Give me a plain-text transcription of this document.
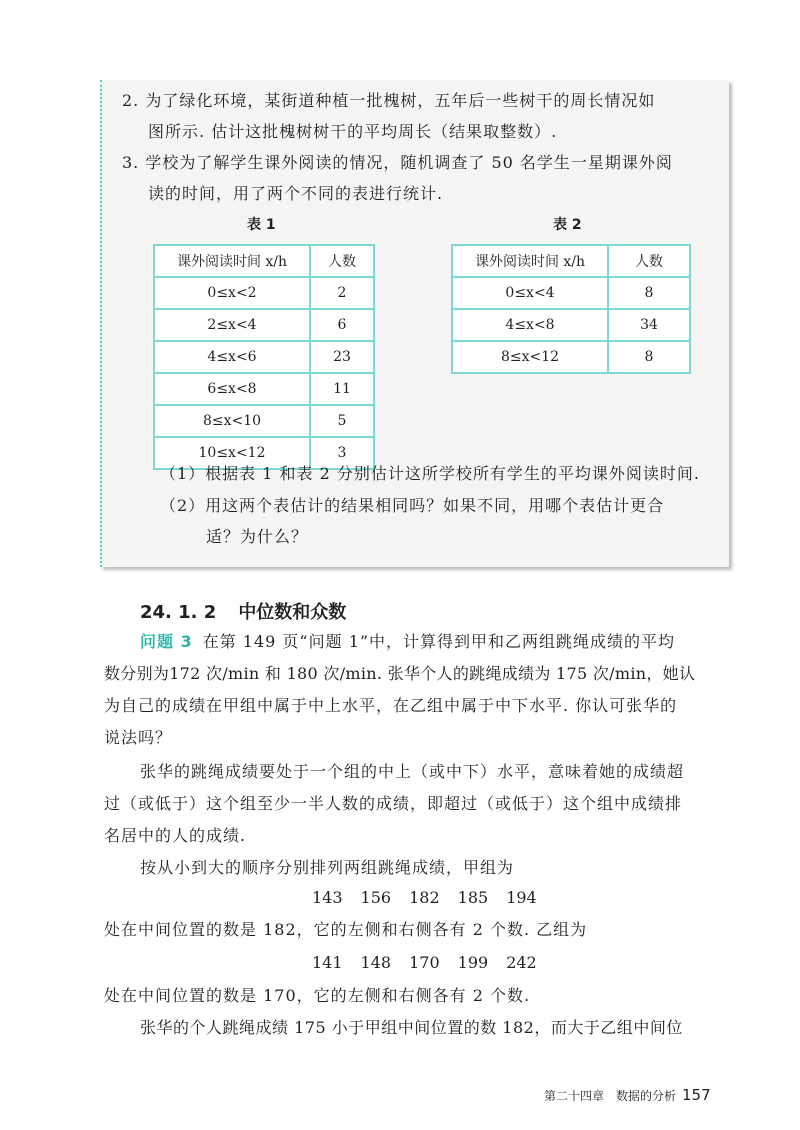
2. 为了绿化环境，某街道种植一批槐树，五年后一些树干的周长情况如
图所示. 估计这批槐树树干的平均周长（结果取整数）.
3. 学校为了解学生课外阅读的情况，随机调查了 50 名学生一星期课外阅
读的时间，用了两个不同的表进行统计.
表 1	表 2
课外阅读时间 x/h	人数
0≤x<2	2
2≤x<4	6
4≤x<6	23
6≤x<8	11
8≤x<10	5
10≤x<12	3
课外阅读时间 x/h	人数
0≤x<4	8
4≤x<8	34
8≤x<12	8
（1）根据表 1 和表 2 分别估计这所学校所有学生的平均课外阅读时间.
（2）用这两个表估计的结果相同吗？如果不同，用哪个表估计更合
适？为什么？
24. 1. 2 中位数和众数
问题 3 在第 149 页“问题 1”中，计算得到甲和乙两组跳绳成绩的平均
数分别为172 次/min 和 180 次/min. 张华个人的跳绳成绩为 175 次/min，她认
为自己的成绩在甲组中属于中上水平，在乙组中属于中下水平. 你认可张华的
说法吗？
张华的跳绳成绩要处于一个组的中上（或中下）水平，意味着她的成绩超
过（或低于）这个组至少一半人数的成绩，即超过（或低于）这个组中成绩排
名居中的人的成绩.
按从小到大的顺序分别排列两组跳绳成绩，甲组为
143 156 182 185 194
处在中间位置的数是 182，它的左侧和右侧各有 2 个数. 乙组为
141 148 170 199 242
处在中间位置的数是 170，它的左侧和右侧各有 2 个数.
张华的个人跳绳成绩 175 小于甲组中间位置的数 182，而大于乙组中间位
第二十四章　数据的分析 157
